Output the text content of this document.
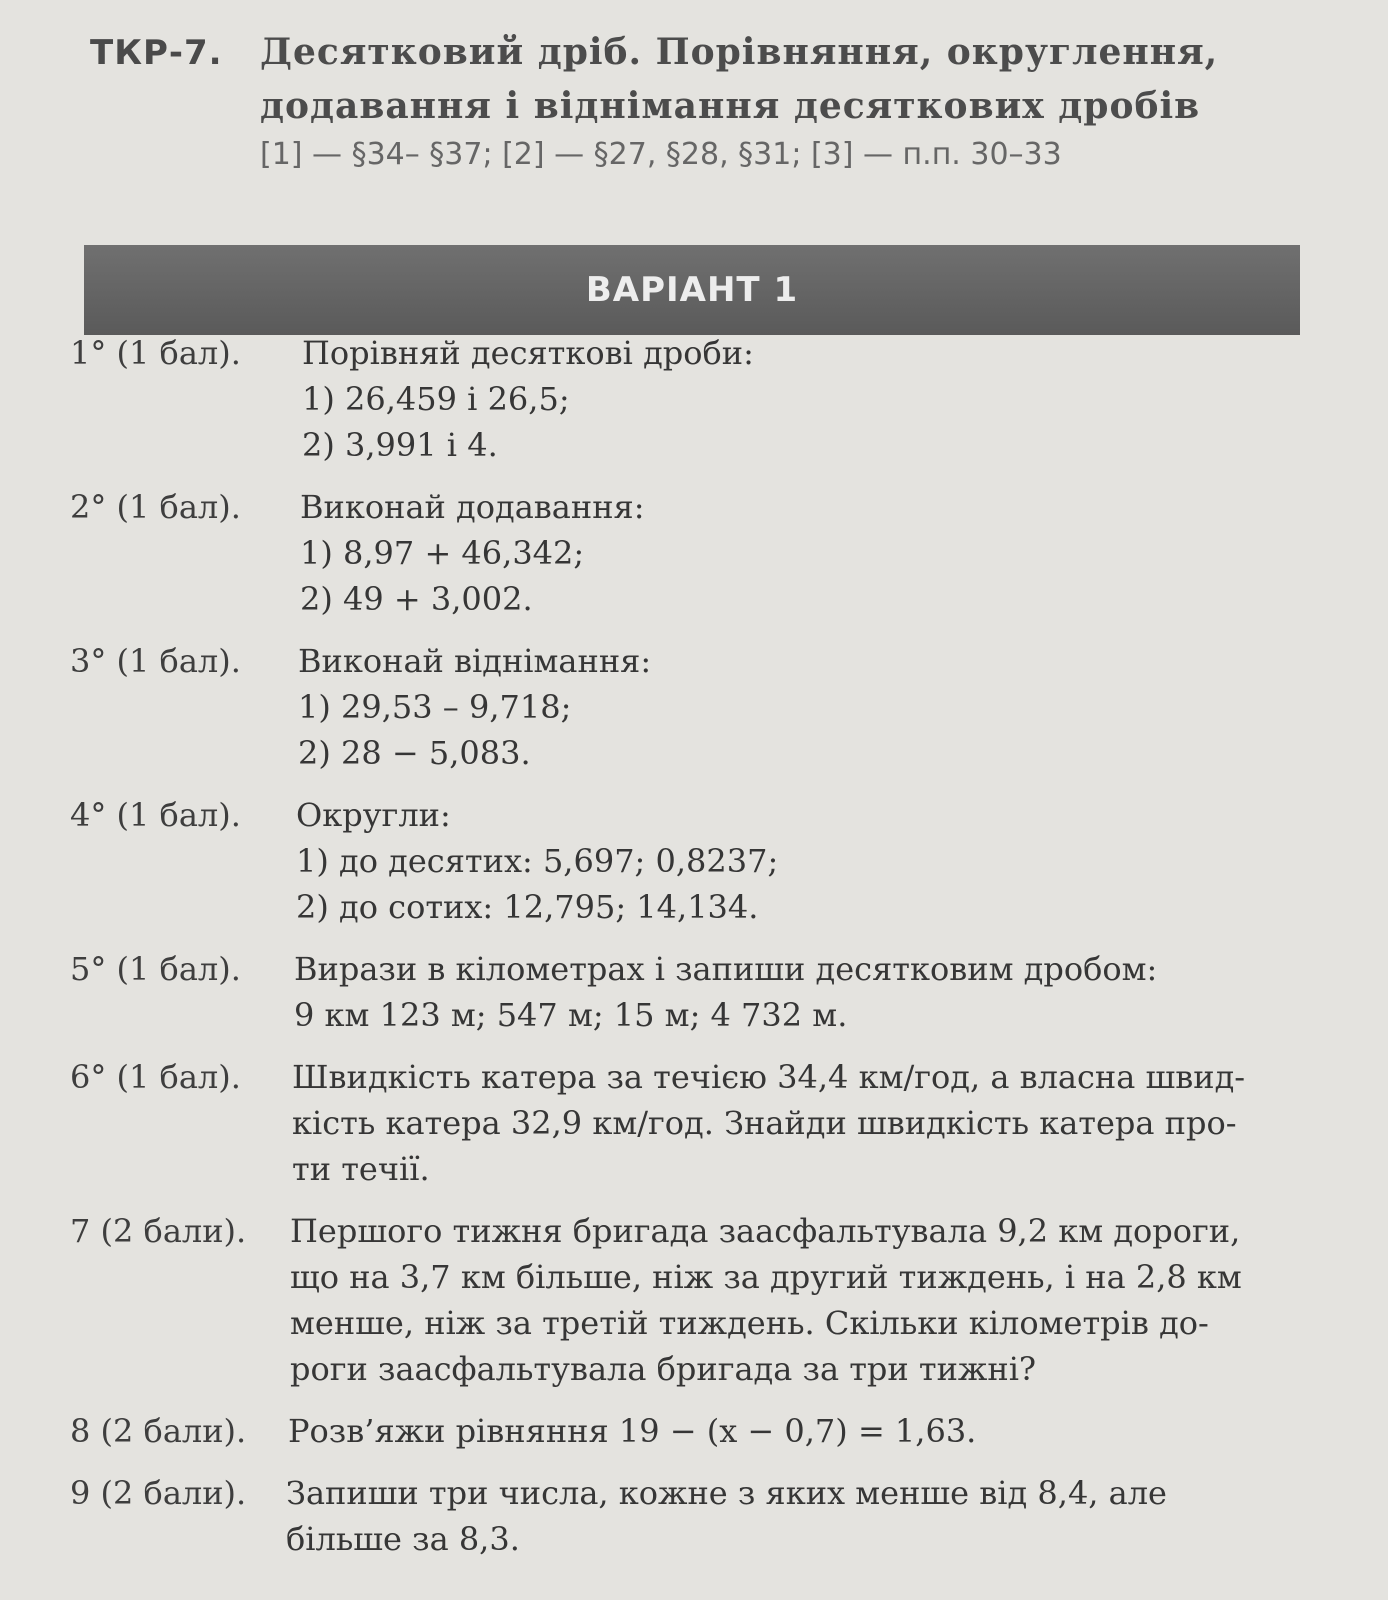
ТКР-7. Десятковий дріб. Порівняння, округлення,
додавання і віднімання десяткових дробів
[1] — §34– §37; [2] — §27, §28, §31; [3] — п.п. 30–33
ВАРІАНТ 1
1° (1 бал). Порівняй десяткові дроби:
1) 26,459 і 26,5;
2) 3,991 і 4.
2° (1 бал). Виконай додавання:
1) 8,97 + 46,342;
2) 49 + 3,002.
3° (1 бал). Виконай віднімання:
1) 29,53 – 9,718;
2) 28 − 5,083.
4° (1 бал). Округли:
1) до десятих: 5,697; 0,8237;
2) до сотих: 12,795; 14,134.
5° (1 бал). Вирази в кілометрах і запиши десятковим дробом:
9 км 123 м; 547 м; 15 м; 4 732 м.
6° (1 бал). Швидкість катера за течією 34,4 км/год, а власна швид-
кість катера 32,9 км/год. Знайди швидкість катера про-
ти течії.
7 (2 бали). Першого тижня бригада заасфальтувала 9,2 км дороги,
що на 3,7 км більше, ніж за другий тиждень, і на 2,8 км
менше, ніж за третій тиждень. Скільки кілометрів до-
роги заасфальтувала бригада за три тижні?
8 (2 бали). Розв’яжи рівняння 19 − (x − 0,7) = 1,63.
9 (2 бали). Запиши три числа, кожне з яких менше від 8,4, але
більше за 8,3.
